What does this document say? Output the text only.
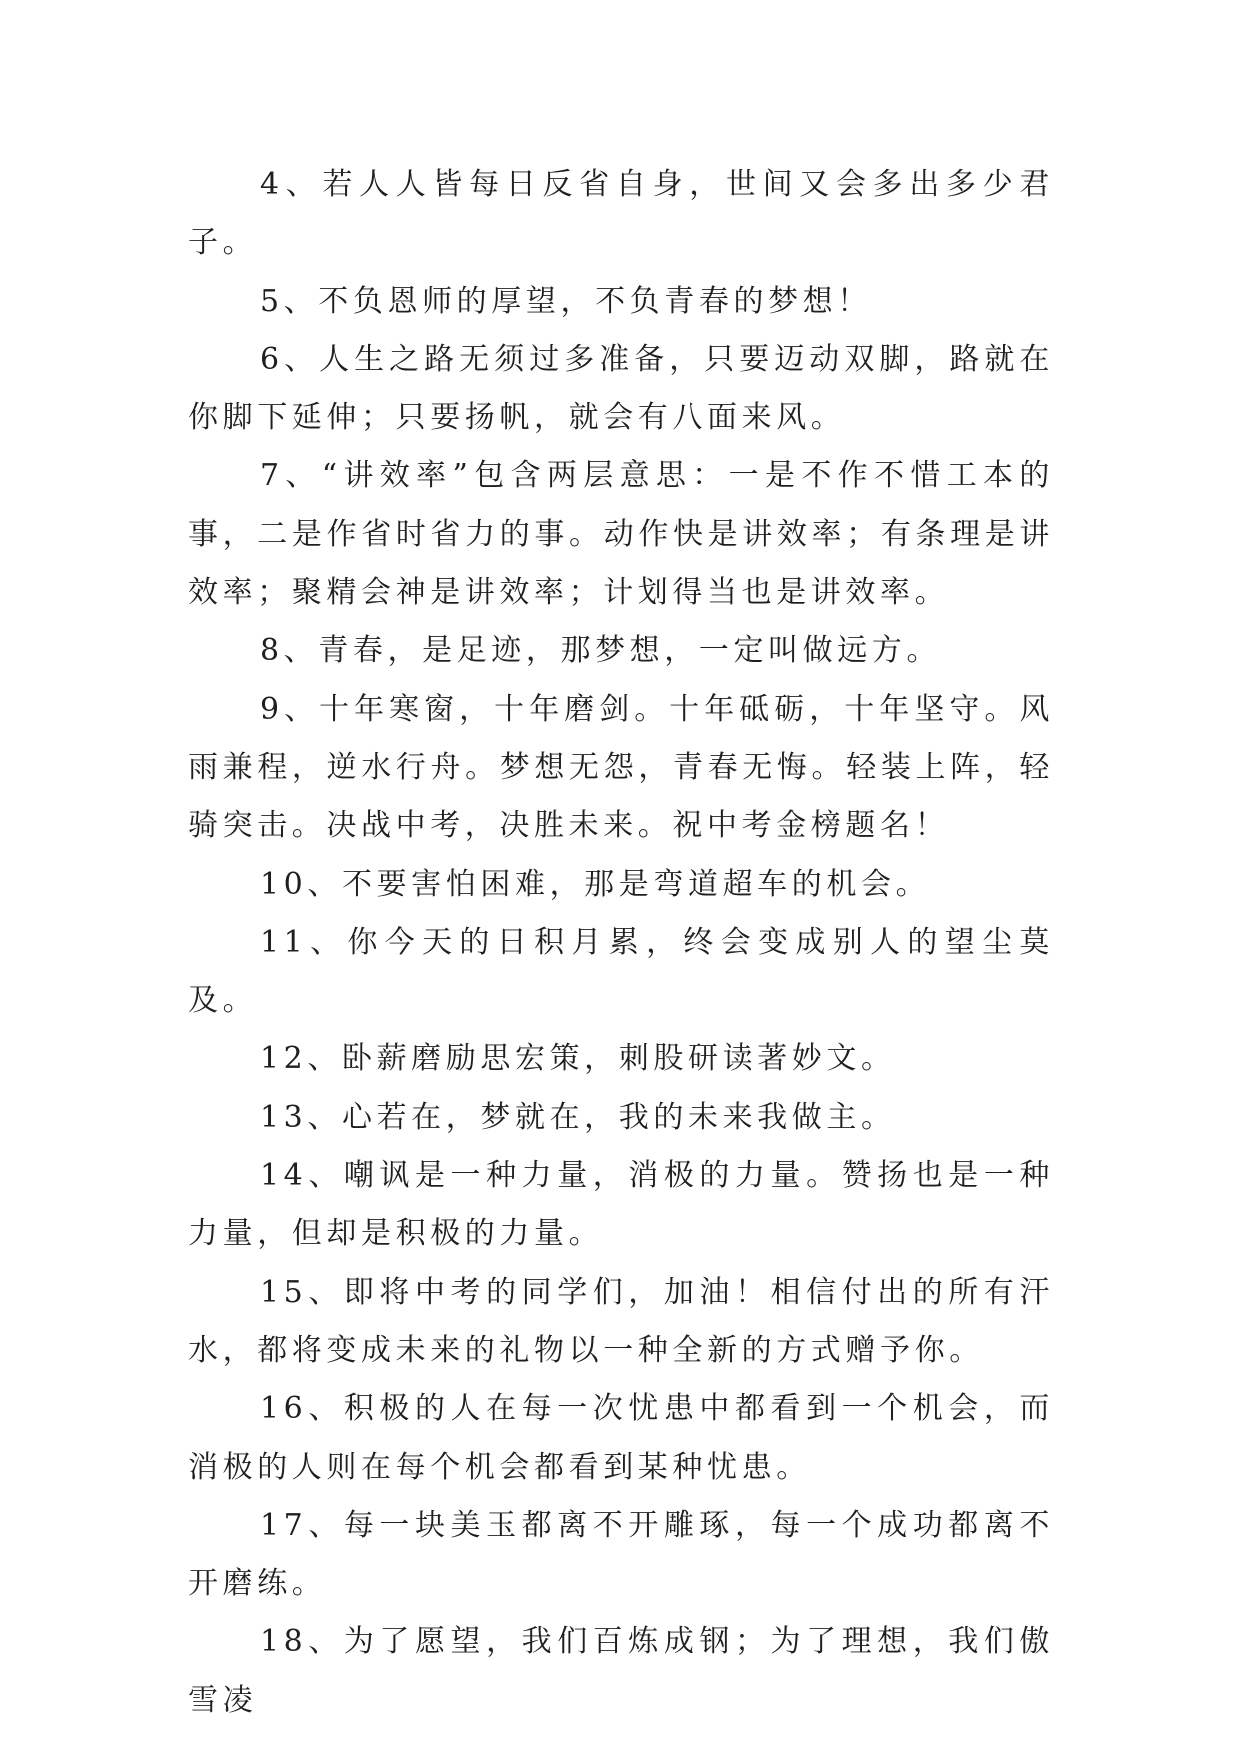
4、若人人皆每日反省自身，世间又会多出多少君子。

5、不负恩师的厚望，不负青春的梦想！

6、人生之路无须过多准备，只要迈动双脚，路就在你脚下延伸；只要扬帆，就会有八面来风。

7、“讲效率”包含两层意思：一是不作不惜工本的事，二是作省时省力的事。动作快是讲效率；有条理是讲效率；聚精会神是讲效率；计划得当也是讲效率。

8、青春，是足迹，那梦想，一定叫做远方。

9、十年寒窗，十年磨剑。十年砥砺，十年坚守。风雨兼程，逆水行舟。梦想无怨，青春无悔。轻装上阵，轻骑突击。决战中考，决胜未来。祝中考金榜题名！

10、不要害怕困难，那是弯道超车的机会。

11、你今天的日积月累，终会变成别人的望尘莫及。

12、卧薪磨励思宏策，刺股研读著妙文。

13、心若在，梦就在，我的未来我做主。

14、嘲讽是一种力量，消极的力量。赞扬也是一种力量，但却是积极的力量。

15、即将中考的同学们，加油！相信付出的所有汗水，都将变成未来的礼物以一种全新的方式赠予你。

16、积极的人在每一次忧患中都看到一个机会，而消极的人则在每个机会都看到某种忧患。

17、每一块美玉都离不开雕琢，每一个成功都离不开磨练。

18、为了愿望，我们百炼成钢；为了理想，我们傲雪凌
